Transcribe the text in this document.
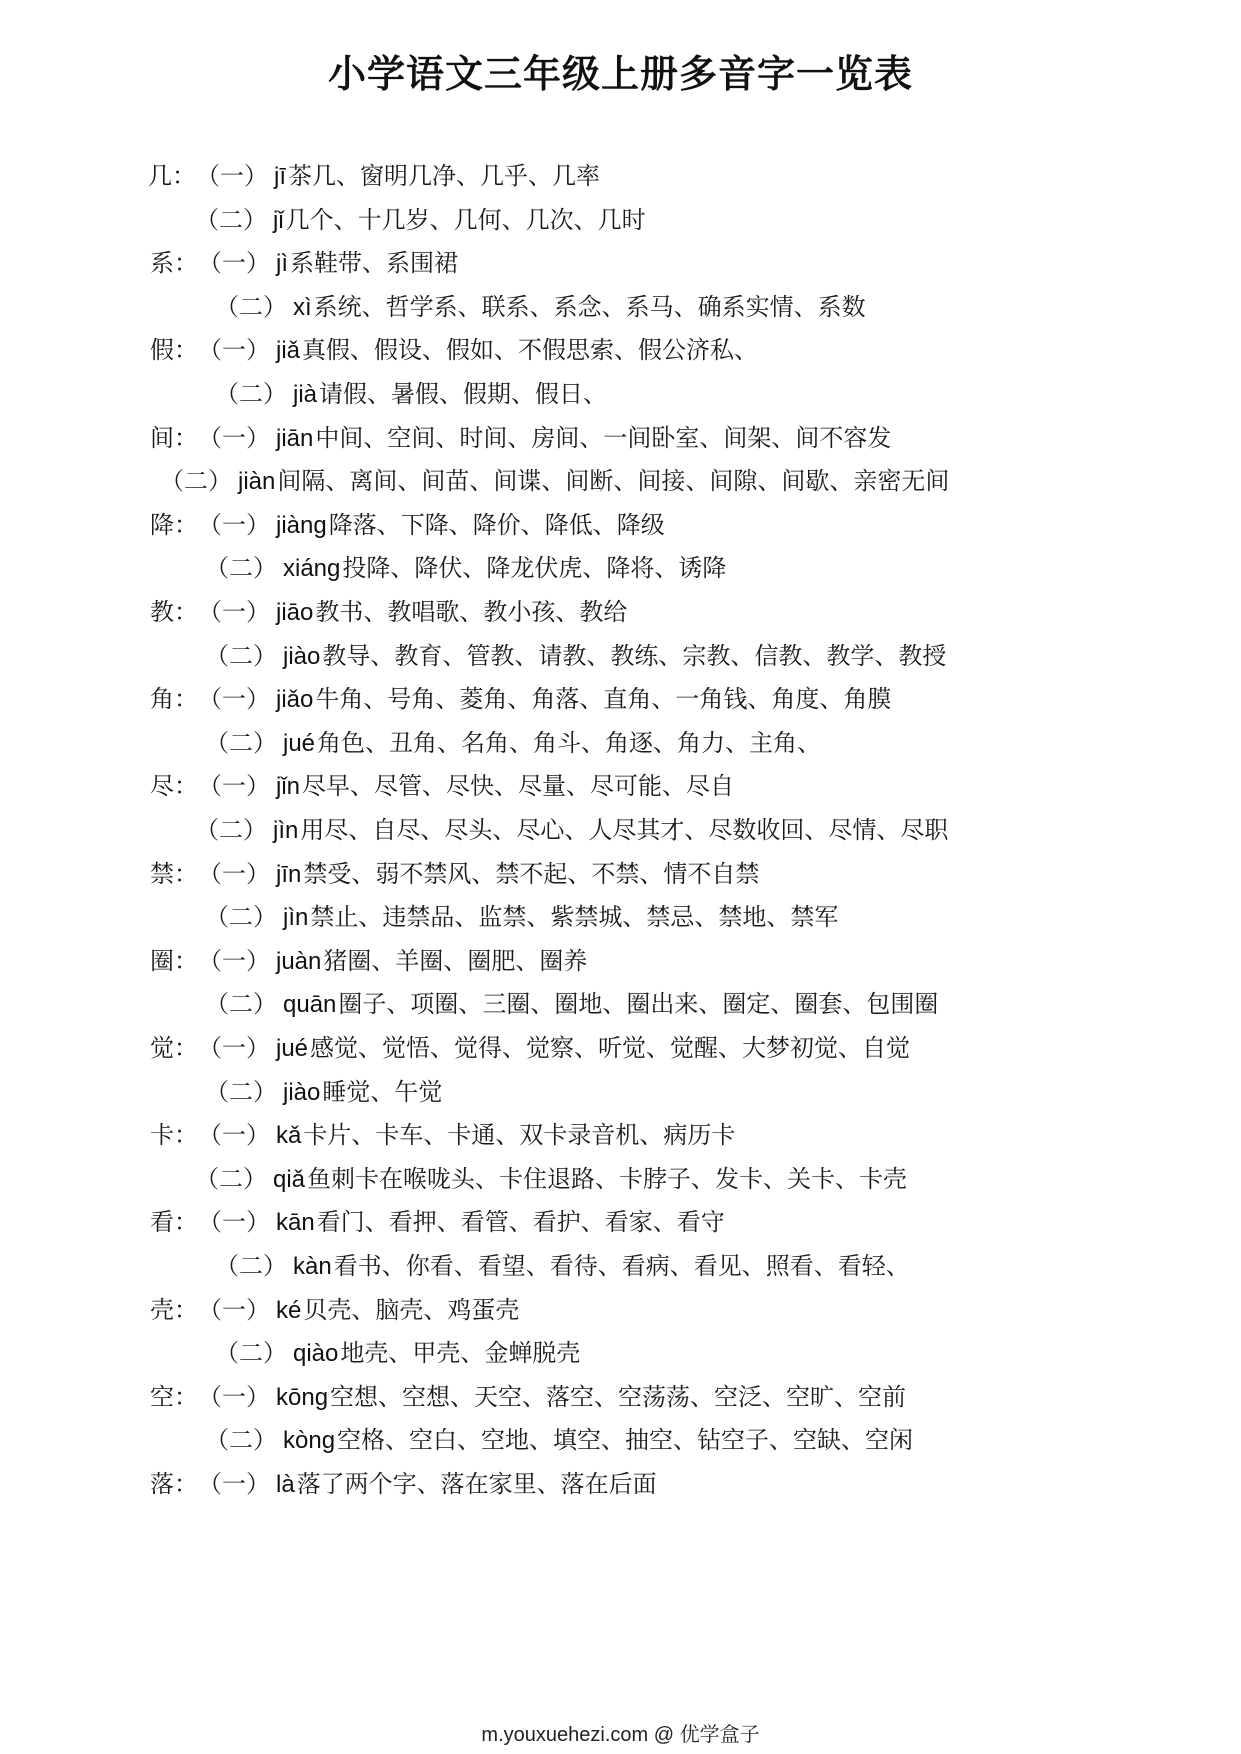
小学语文三年级上册多音字一览表
几：（一） jī茶几、窗明几净、几乎、几率
（二） jǐ几个、十几岁、几何、几次、几时
系：（一） jì系鞋带、系围裙
（二） xì系统、哲学系、联系、系念、系马、确系实情、系数
假：（一） jiǎ真假、假设、假如、不假思索、假公济私、
（二） jià请假、暑假、假期、假日、
间：（一） jiān中间、空间、时间、房间、一间卧室、间架、间不容发
（二） jiàn间隔、离间、间苗、间谍、间断、间接、间隙、间歇、亲密无间
降：（一） jiàng降落、下降、降价、降低、降级
（二） xiáng投降、降伏、降龙伏虎、降将、诱降
教：（一） jiāo教书、教唱歌、教小孩、教给
（二） jiào教导、教育、管教、请教、教练、宗教、信教、教学、教授
角：（一） jiǎo牛角、号角、菱角、角落、直角、一角钱、角度、角膜
（二） jué角色、丑角、名角、角斗、角逐、角力、主角、
尽：（一） jǐn尽早、尽管、尽快、尽量、尽可能、尽自
（二） jìn用尽、自尽、尽头、尽心、人尽其才、尽数收回、尽情、尽职
禁：（一） jīn禁受、弱不禁风、禁不起、不禁、情不自禁
（二） jìn禁止、违禁品、监禁、紫禁城、禁忌、禁地、禁军
圈：（一） juàn猪圈、羊圈、圈肥、圈养
（二） quān圈子、项圈、三圈、圈地、圈出来、圈定、圈套、包围圈
觉：（一） jué感觉、觉悟、觉得、觉察、听觉、觉醒、大梦初觉、自觉
（二） jiào睡觉、午觉
卡：（一） kǎ卡片、卡车、卡通、双卡录音机、病历卡
（二） qiǎ鱼刺卡在喉咙头、卡住退路、卡脖子、发卡、关卡、卡壳
看：（一） kān看门、看押、看管、看护、看家、看守
（二） kàn看书、你看、看望、看待、看病、看见、照看、看轻、
壳：（一） ké贝壳、脑壳、鸡蛋壳
（二） qiào地壳、甲壳、金蝉脱壳
空：（一） kōng空想、空想、天空、落空、空荡荡、空泛、空旷、空前
（二） kòng空格、空白、空地、填空、抽空、钻空子、空缺、空闲
落：（一） là落了两个字、落在家里、落在后面
m.youxuehezi.com @ 优学盒子
